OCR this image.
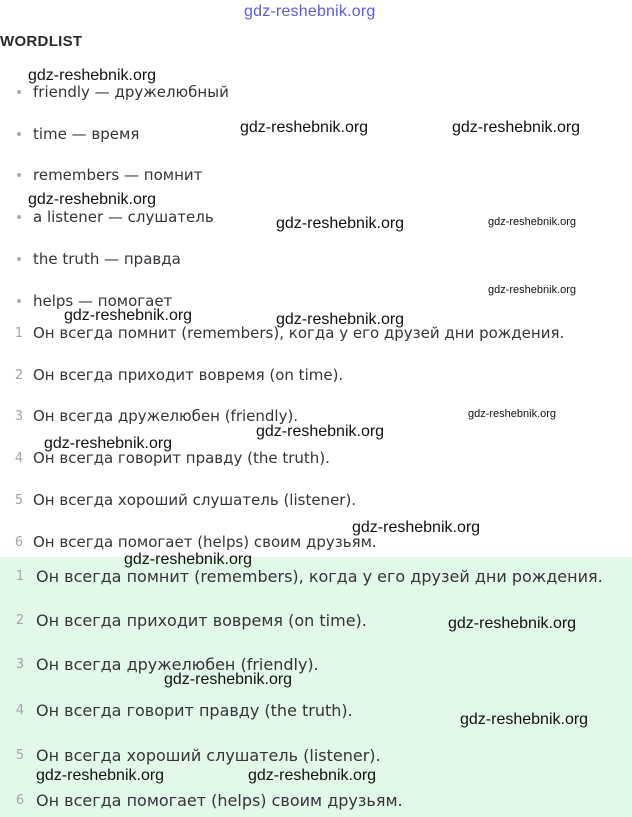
gdz-reshebnik.org
WORDLIST
friendly — дружелюбный
time — время
remembers — помнит
a listener — слушатель
the truth — правда
helps — помогает
1 Он всегда помнит (remembers), когда у его друзей дни рождения.
2 Он всегда приходит вовремя (on time).
3 Он всегда дружелюбен (friendly).
4 Он всегда говорит правду (the truth).
5 Он всегда хороший слушатель (listener).
6 Он всегда помогает (helps) своим друзьям.
1 Он всегда помнит (remembers), когда у его друзей дни рождения.
2 Он всегда приходит вовремя (on time).
3 Он всегда дружелюбен (friendly).
4 Он всегда говорит правду (the truth).
5 Он всегда хороший слушатель (listener).
6 Он всегда помогает (helps) своим друзьям.
gdz-reshebnik.org
gdz-reshebnik.org	gdz-reshebnik.org
gdz-reshebnik.org
gdz-reshebnik.org	gdz-reshebnik.org
gdz-reshebnik.org
gdz-reshebnik.org	gdz-reshebnik.org
gdz-reshebnik.org
gdz-reshebnik.org
gdz-reshebnik.org
gdz-reshebnik.org
gdz-reshebnik.org
gdz-reshebnik.org
gdz-reshebnik.org
gdz-reshebnik.org
gdz-reshebnik.org	gdz-reshebnik.org
